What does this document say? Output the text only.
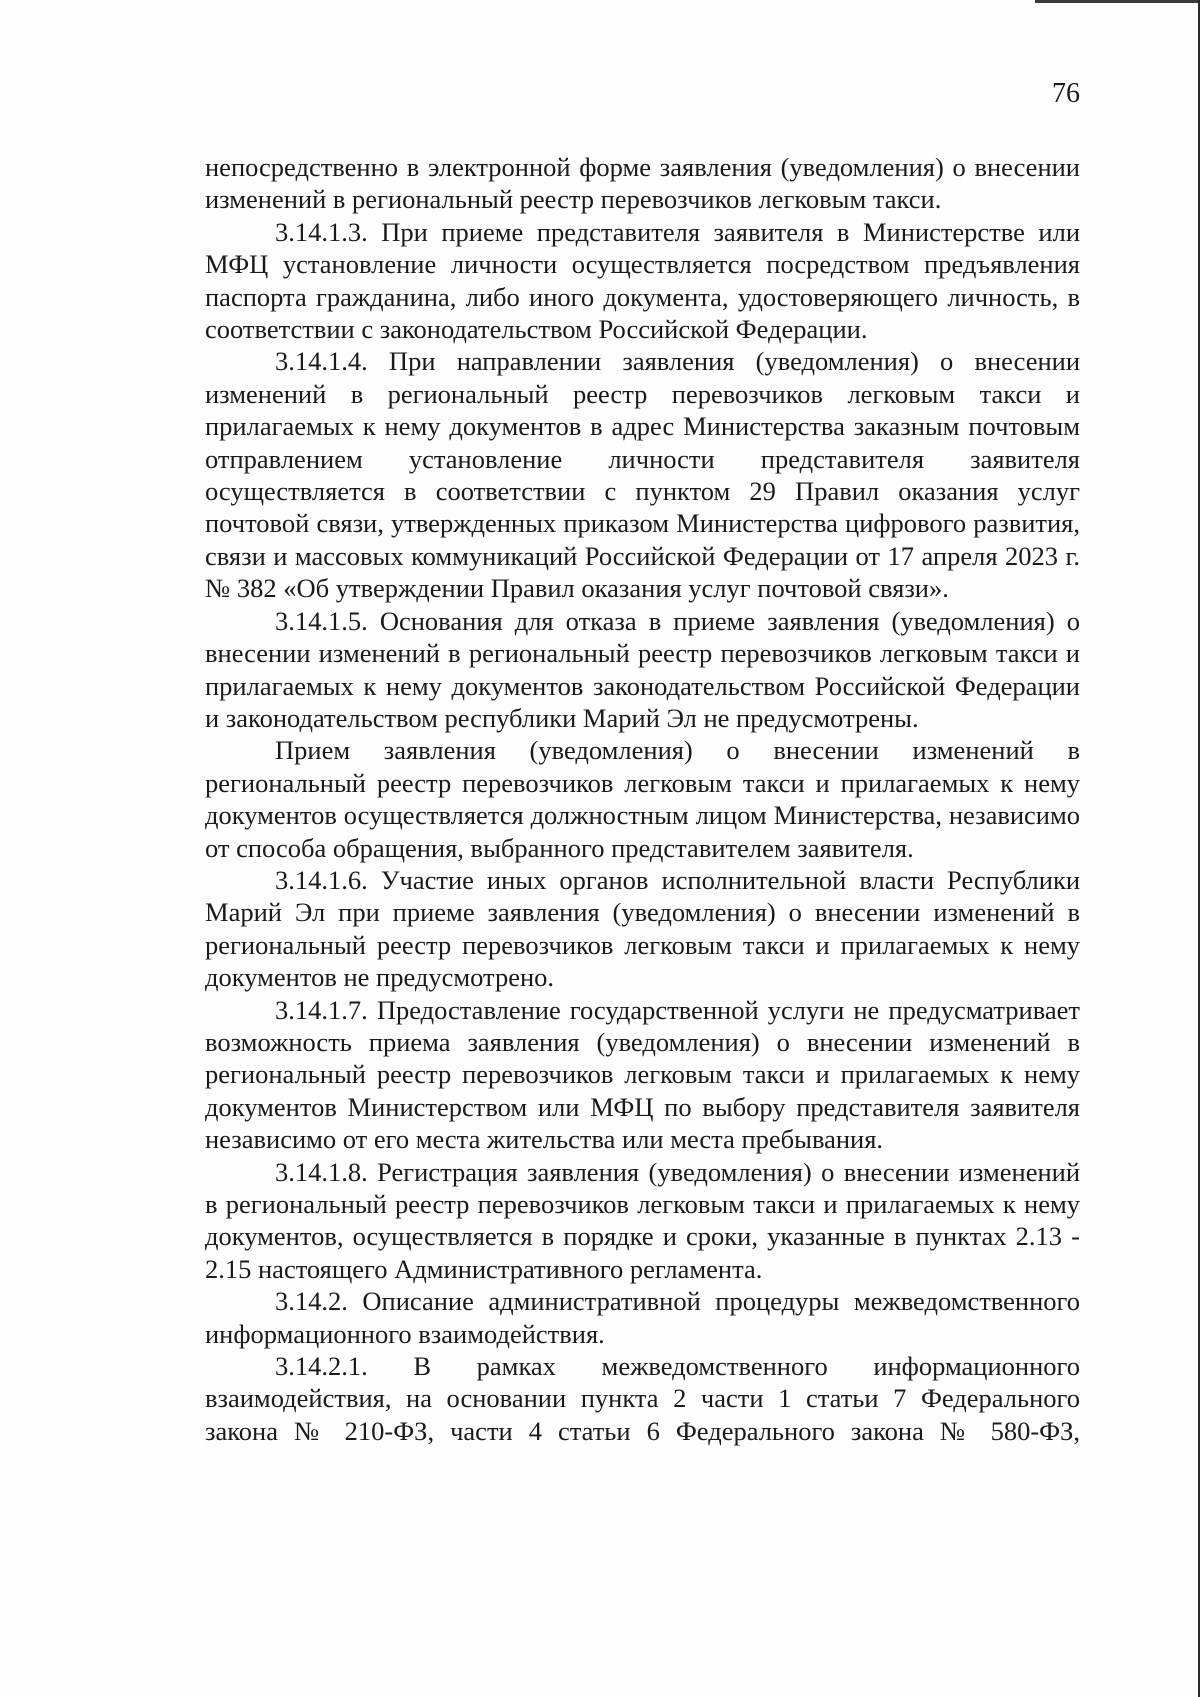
76

непосредственно в электронной форме заявления (уведомления) о внесении изменений в региональный реестр перевозчиков легковым такси.

3.14.1.3. При приеме представителя заявителя в Министерстве или МФЦ установление личности осуществляется посредством предъявления паспорта гражданина, либо иного документа, удостоверяющего личность, в соответствии с законодательством Российской Федерации.

3.14.1.4. При направлении заявления (уведомления) о внесении изменений в региональный реестр перевозчиков легковым такси и прилагаемых к нему документов в адрес Министерства заказным почтовым отправлением установление личности представителя заявителя осуществляется в соответствии с пунктом 29 Правил оказания услуг почтовой связи, утвержденных приказом Министерства цифрового развития, связи и массовых коммуникаций Российской Федерации от 17 апреля 2023 г. № 382 «Об утверждении Правил оказания услуг почтовой связи».

3.14.1.5. Основания для отказа в приеме заявления (уведомления) о внесении изменений в региональный реестр перевозчиков легковым такси и прилагаемых к нему документов законодательством Российской Федерации и законодательством республики Марий Эл не предусмотрены.

Прием заявления (уведомления) о внесении изменений в региональный реестр перевозчиков легковым такси и прилагаемых к нему документов осуществляется должностным лицом Министерства, независимо от способа обращения, выбранного представителем заявителя.

3.14.1.6. Участие иных органов исполнительной власти Республики Марий Эл при приеме заявления (уведомления) о внесении изменений в региональный реестр перевозчиков легковым такси и прилагаемых к нему документов не предусмотрено.

3.14.1.7. Предоставление государственной услуги не предусматривает возможность приема заявления (уведомления) о внесении изменений в региональный реестр перевозчиков легковым такси и прилагаемых к нему документов Министерством или МФЦ по выбору представителя заявителя независимо от его места жительства или места пребывания.

3.14.1.8. Регистрация заявления (уведомления) о внесении изменений в региональный реестр перевозчиков легковым такси и прилагаемых к нему документов, осуществляется в порядке и сроки, указанные в пунктах 2.13 - 2.15 настоящего Административного регламента.

3.14.2. Описание административной процедуры межведомственного информационного взаимодействия.

3.14.2.1. В рамках межведомственного информационного взаимодействия, на основании пункта 2 части 1 статьи 7 Федерального закона № 210-ФЗ, части 4 статьи 6 Федерального закона № 580-ФЗ,
